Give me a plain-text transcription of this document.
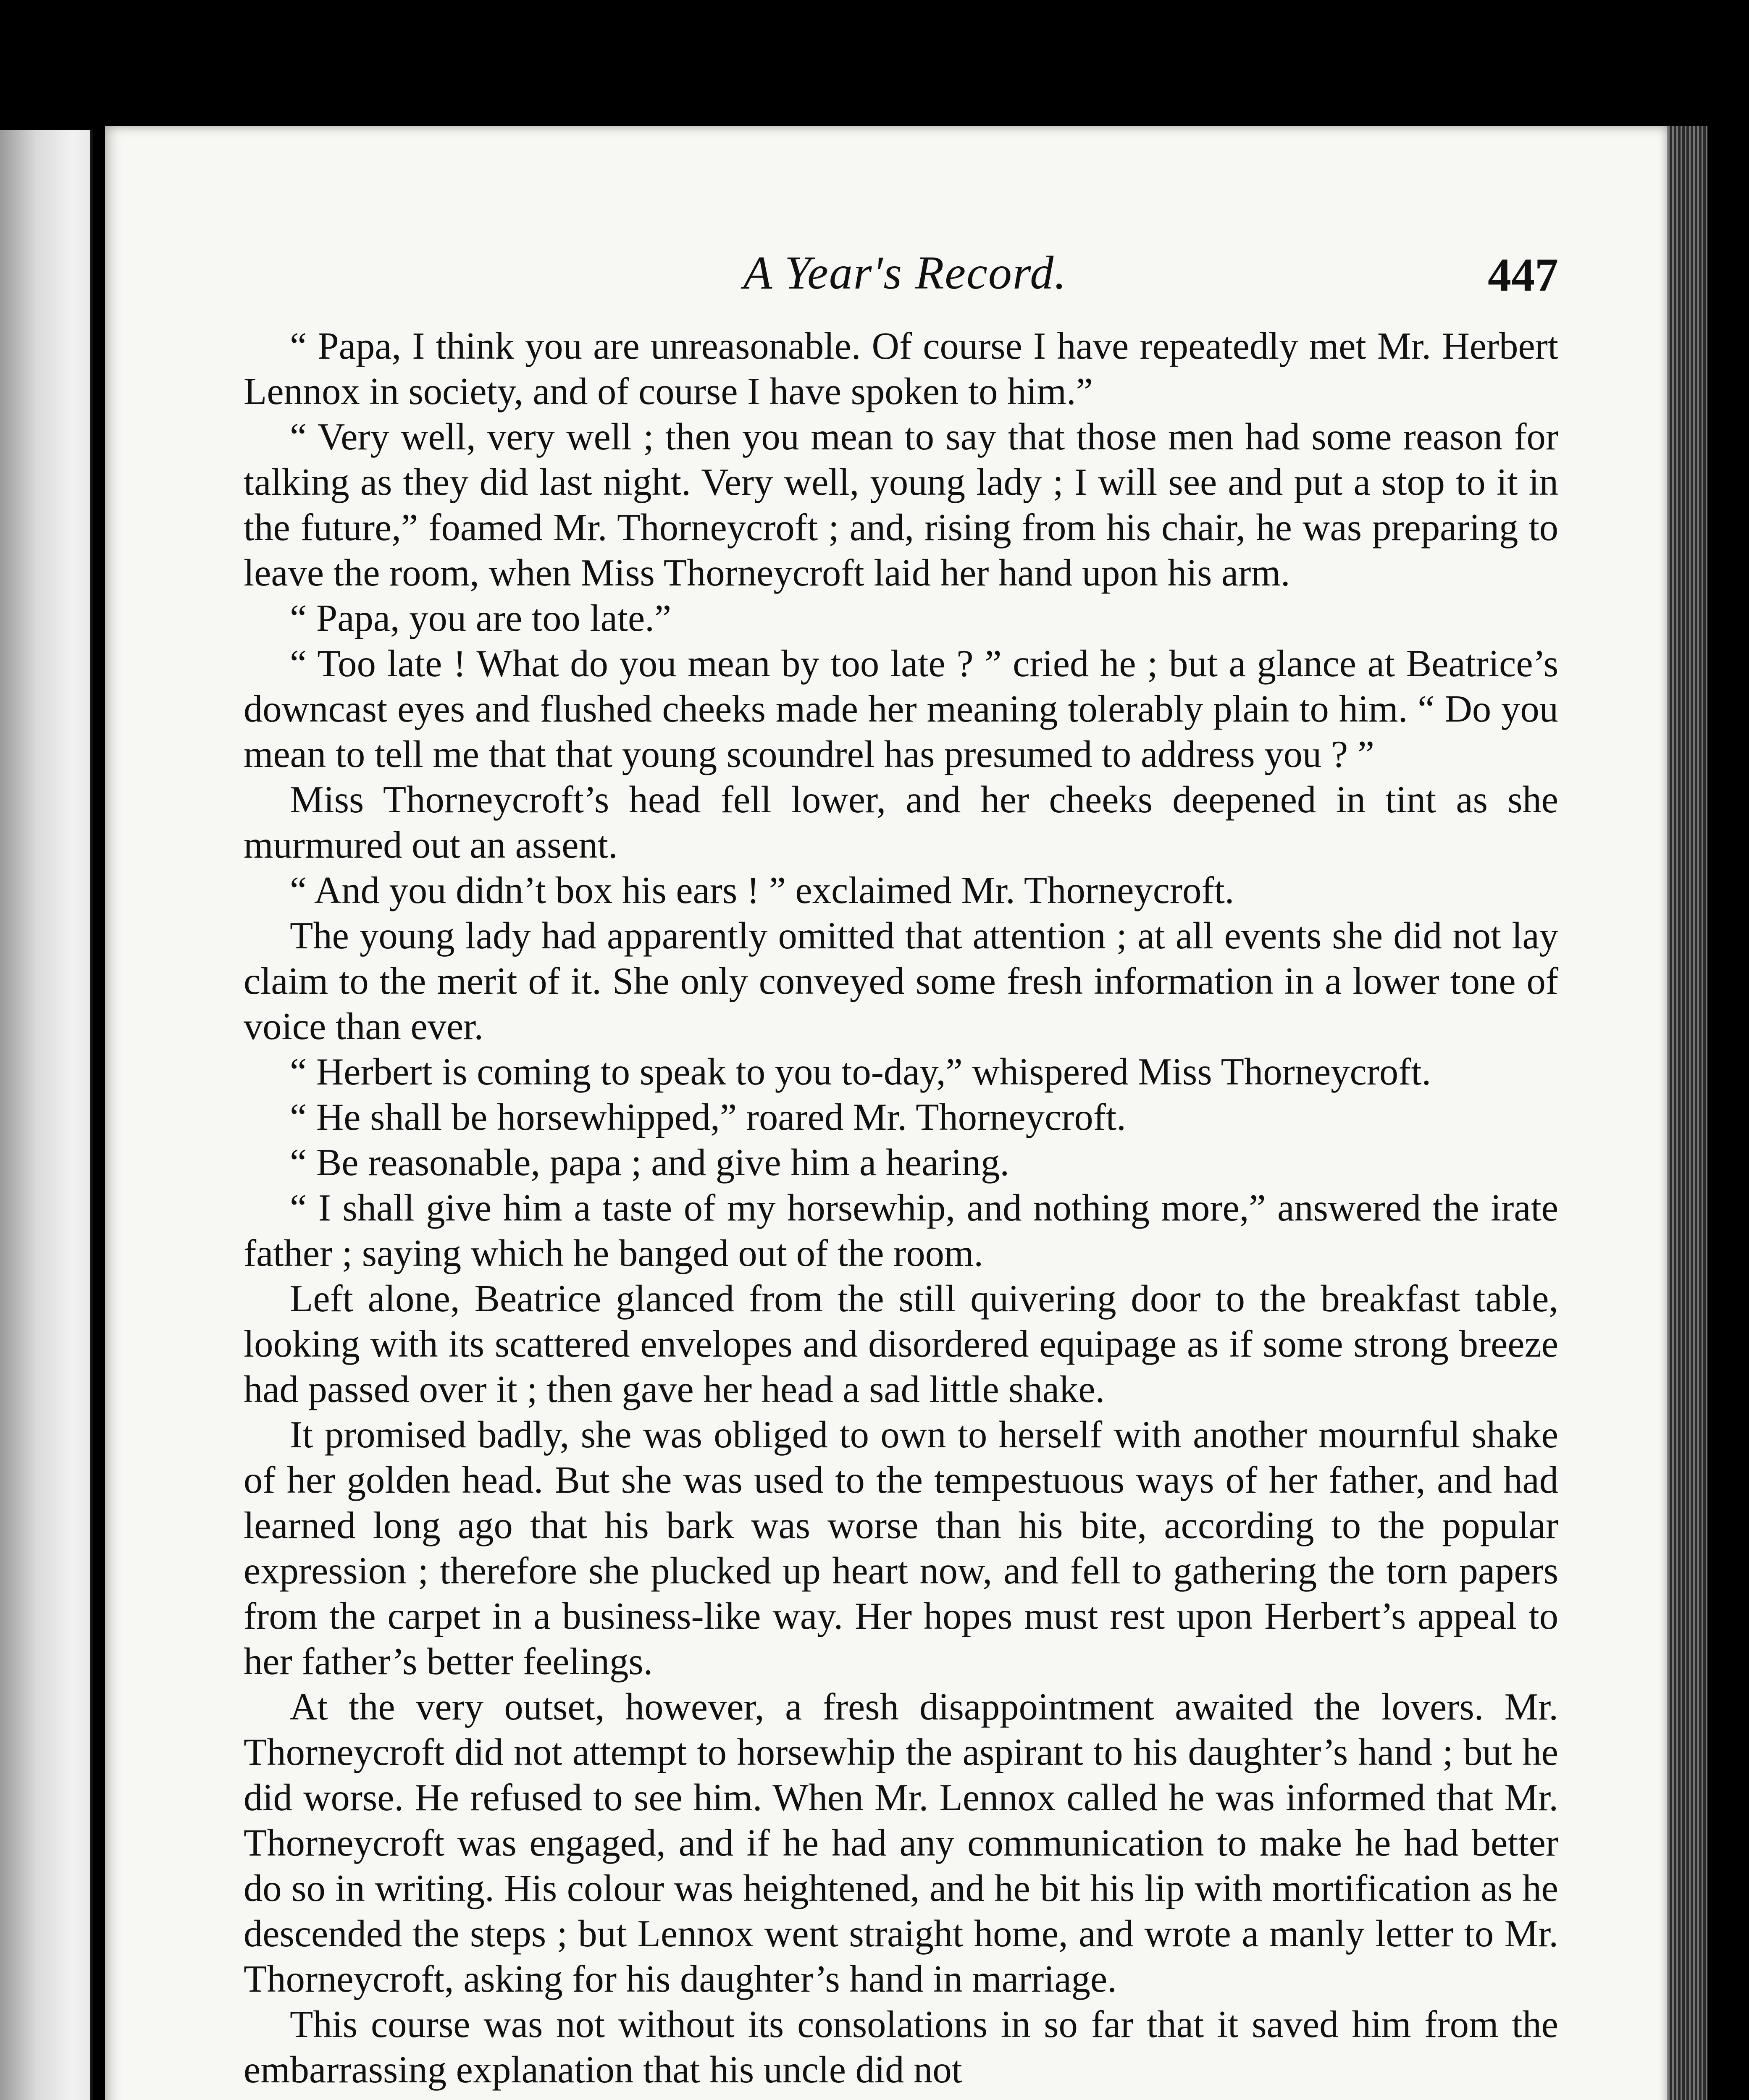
A Year's Record.	447

“ Papa, I think you are unreasonable. Of course I have repeatedly met Mr. Herbert Lennox in society, and of course I have spoken to him.”

“ Very well, very well ; then you mean to say that those men had some reason for talking as they did last night. Very well, young lady ; I will see and put a stop to it in the future,” foamed Mr. Thorneycroft ; and, rising from his chair, he was preparing to leave the room, when Miss Thorneycroft laid her hand upon his arm.

“ Papa, you are too late.”

“ Too late ! What do you mean by too late ? ” cried he ; but a glance at Beatrice’s downcast eyes and flushed cheeks made her meaning tolerably plain to him. “ Do you mean to tell me that that young scoundrel has presumed to address you ? ”

Miss Thorneycroft’s head fell lower, and her cheeks deepened in tint as she murmured out an assent.

“ And you didn’t box his ears ! ” exclaimed Mr. Thorneycroft.

The young lady had apparently omitted that attention ; at all events she did not lay claim to the merit of it. She only conveyed some fresh information in a lower tone of voice than ever.

“ Herbert is coming to speak to you to-day,” whispered Miss Thorneycroft.

“ He shall be horsewhipped,” roared Mr. Thorneycroft.

“ Be reasonable, papa ; and give him a hearing.

“ I shall give him a taste of my horsewhip, and nothing more,” answered the irate father ; saying which he banged out of the room.

Left alone, Beatrice glanced from the still quivering door to the breakfast table, looking with its scattered envelopes and disordered equipage as if some strong breeze had passed over it ; then gave her head a sad little shake.

It promised badly, she was obliged to own to herself with another mournful shake of her golden head. But she was used to the tempestuous ways of her father, and had learned long ago that his bark was worse than his bite, according to the popular expression ; therefore she plucked up heart now, and fell to gathering the torn papers from the carpet in a business-like way. Her hopes must rest upon Herbert’s appeal to her father’s better feelings.

At the very outset, however, a fresh disappointment awaited the lovers. Mr. Thorneycroft did not attempt to horsewhip the aspirant to his daughter’s hand ; but he did worse. He refused to see him. When Mr. Lennox called he was informed that Mr. Thorneycroft was engaged, and if he had any communication to make he had better do so in writing. His colour was heightened, and he bit his lip with mortification as he descended the steps ; but Lennox went straight home, and wrote a manly letter to Mr. Thorneycroft, asking for his daughter’s hand in marriage.

This course was not without its consolations in so far that it saved him from the embarrassing explanation that his uncle did not
